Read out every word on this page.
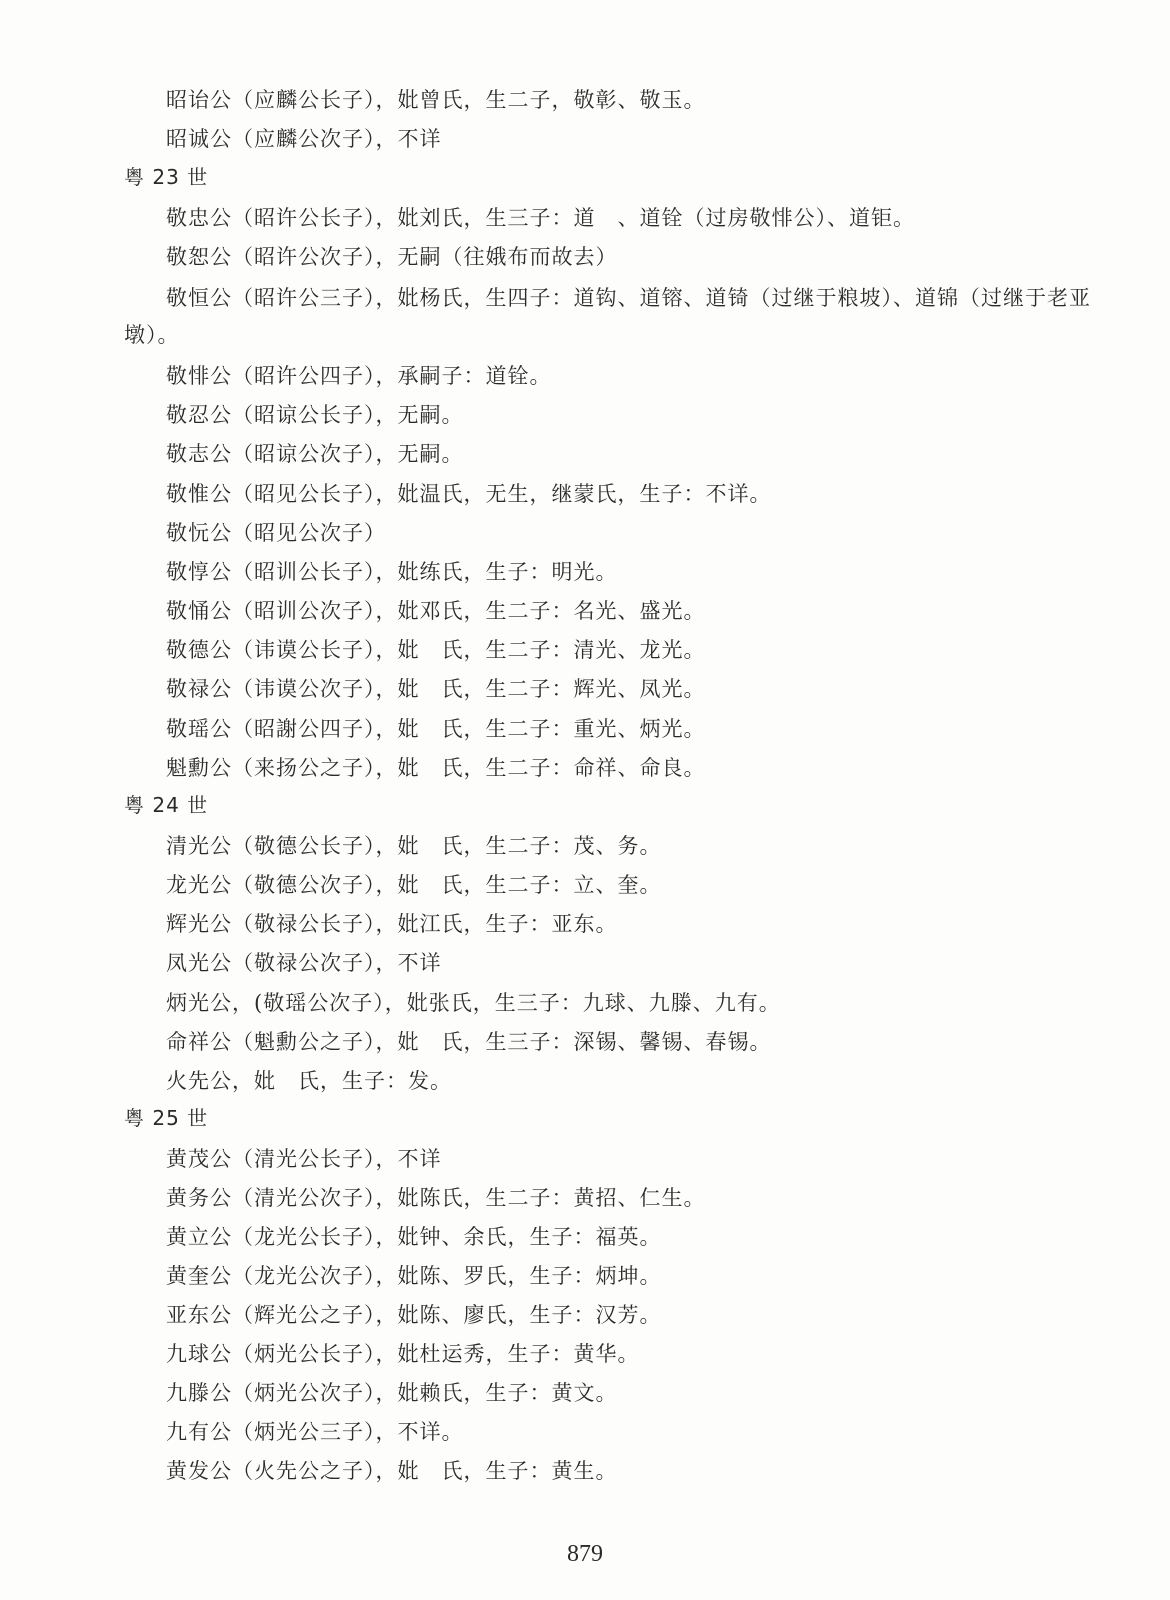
昭诒公（应麟公长子），妣曾氏，生二子，敬彰、敬玉。
昭诚公（应麟公次子），不详
粤 23 世
敬忠公（昭许公长子），妣刘氏，生三子：道　、道铨（过房敬悱公）、道钜。
敬恕公（昭许公次子），无嗣（往娥布而故去）
敬恒公（昭许公三子），妣杨氏，生四子：道钩、道镕、道锜（过继于粮坡）、道锦（过继于老亚
墩）。
敬悱公（昭许公四子），承嗣子：道铨。
敬忍公（昭谅公长子），无嗣。
敬志公（昭谅公次子），无嗣。
敬惟公（昭见公长子），妣温氏，无生，继蒙氏，生子：不详。
敬忨公（昭见公次子）
敬惇公（昭训公长子），妣练氏，生子：明光。
敬悀公（昭训公次子），妣邓氏，生二子：名光、盛光。
敬德公（讳谟公长子），妣　氏，生二子：清光、龙光。
敬禄公（讳谟公次子），妣　氏，生二子：辉光、凤光。
敬瑶公（昭謝公四子），妣　氏，生二子：重光、炳光。
魁勳公（来扬公之子），妣　氏，生二子：命祥、命良。
粤 24 世
清光公（敬德公长子），妣　氏，生二子：茂、务。
龙光公（敬德公次子），妣　氏，生二子：立、奎。
辉光公（敬禄公长子），妣江氏，生子：亚东。
凤光公（敬禄公次子），不详
炳光公，(敬瑶公次子），妣张氏，生三子：九球、九滕、九有。
命祥公（魁勳公之子），妣　氏，生三子：深锡、馨锡、春锡。
火先公，妣　氏，生子：发。
粤 25 世
黄茂公（清光公长子），不详
黄务公（清光公次子），妣陈氏，生二子：黄招、仁生。
黄立公（龙光公长子），妣钟、余氏，生子：福英。
黄奎公（龙光公次子），妣陈、罗氏，生子：炳坤。
亚东公（辉光公之子），妣陈、廖氏，生子：汉芳。
九球公（炳光公长子），妣杜运秀，生子：黄华。
九滕公（炳光公次子），妣赖氏，生子：黄文。
九有公（炳光公三子），不详。
黄发公（火先公之子），妣　氏，生子：黄生。
879
